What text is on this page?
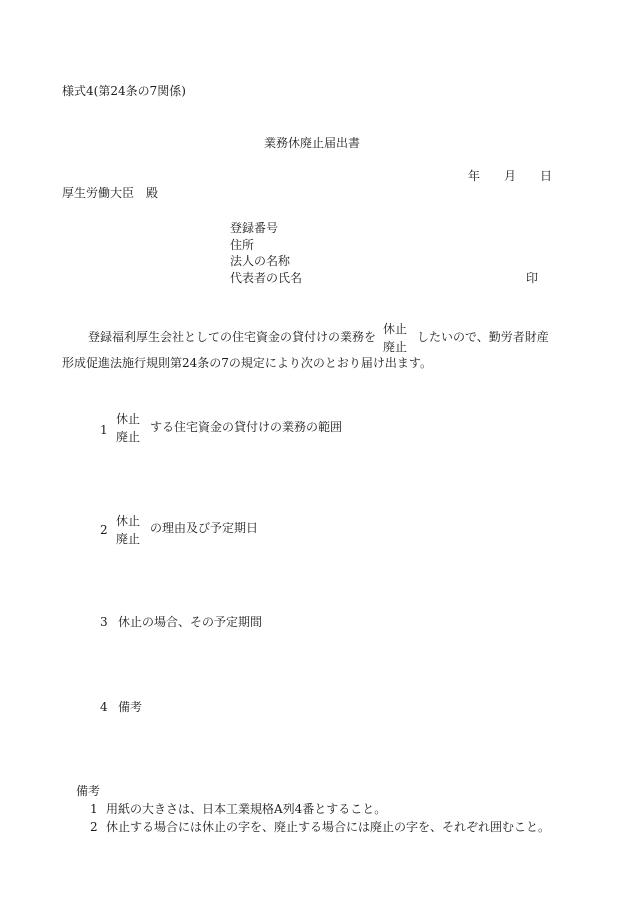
様式4(第24条の7関係)
業務休廃止届出書
年 月 日
厚生労働大臣　殿
登録番号
住所
法人の名称
代表者の氏名	印
登録福利厚生会社としての住宅資金の貸付けの業務を
休止
廃止
したいので、勤労者財産
形成促進法施行規則第24条の7の規定により次のとおり届け出ます。
1
休止
廃止
する住宅資金の貸付けの業務の範囲
2
休止
廃止
の理由及び予定期日
3 休止の場合、その予定期間
4 備考
備考
1 用紙の大きさは、日本工業規格A列4番とすること。
2 休止する場合には休止の字を、廃止する場合には廃止の字を、それぞれ囲むこと。
